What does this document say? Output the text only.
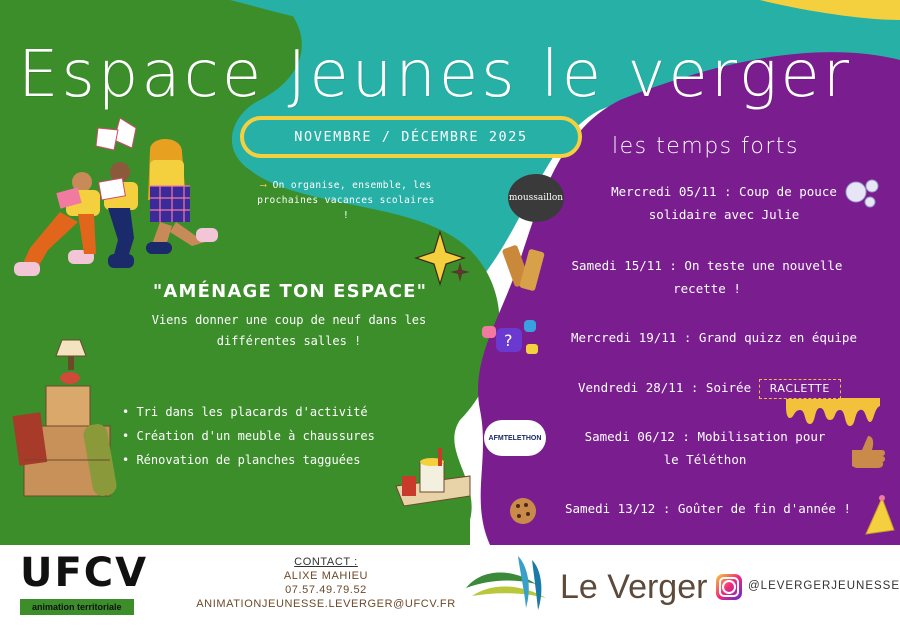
Espace Jeunes le verger
NOVEMBRE / DÉCEMBRE 2025	les temps forts
⟶ On organise, ensemble, les prochaines vacances scolaires !
"AMÉNAGE TON ESPACE"
Viens donner une coup de neuf dans les différentes salles !
• Tri dans les placards d'activité
• Création d'un meuble à chaussures
• Rénovation de planches tagguées
moussaillon
?
AFMTELETHON
Mercredi 05/11 : Coup de pouce
solidaire avec Julie
Samedi 15/11 : On teste une nouvelle
recette !
Mercredi 19/11 : Grand quizz en équipe
Vendredi 28/11 : Soirée RACLETTE
Samedi 06/12 : Mobilisation pour
le Téléthon
Samedi 13/12 : Goûter de fin d'année !
UFCV
animation territoriale
CONTACT :
ALIXE MAHIEU
07.57.49.79.52
ANIMATIONJEUNESSE.LEVERGER@UFCV.FR	Le Verger	@LEVERGERJEUNESSE
